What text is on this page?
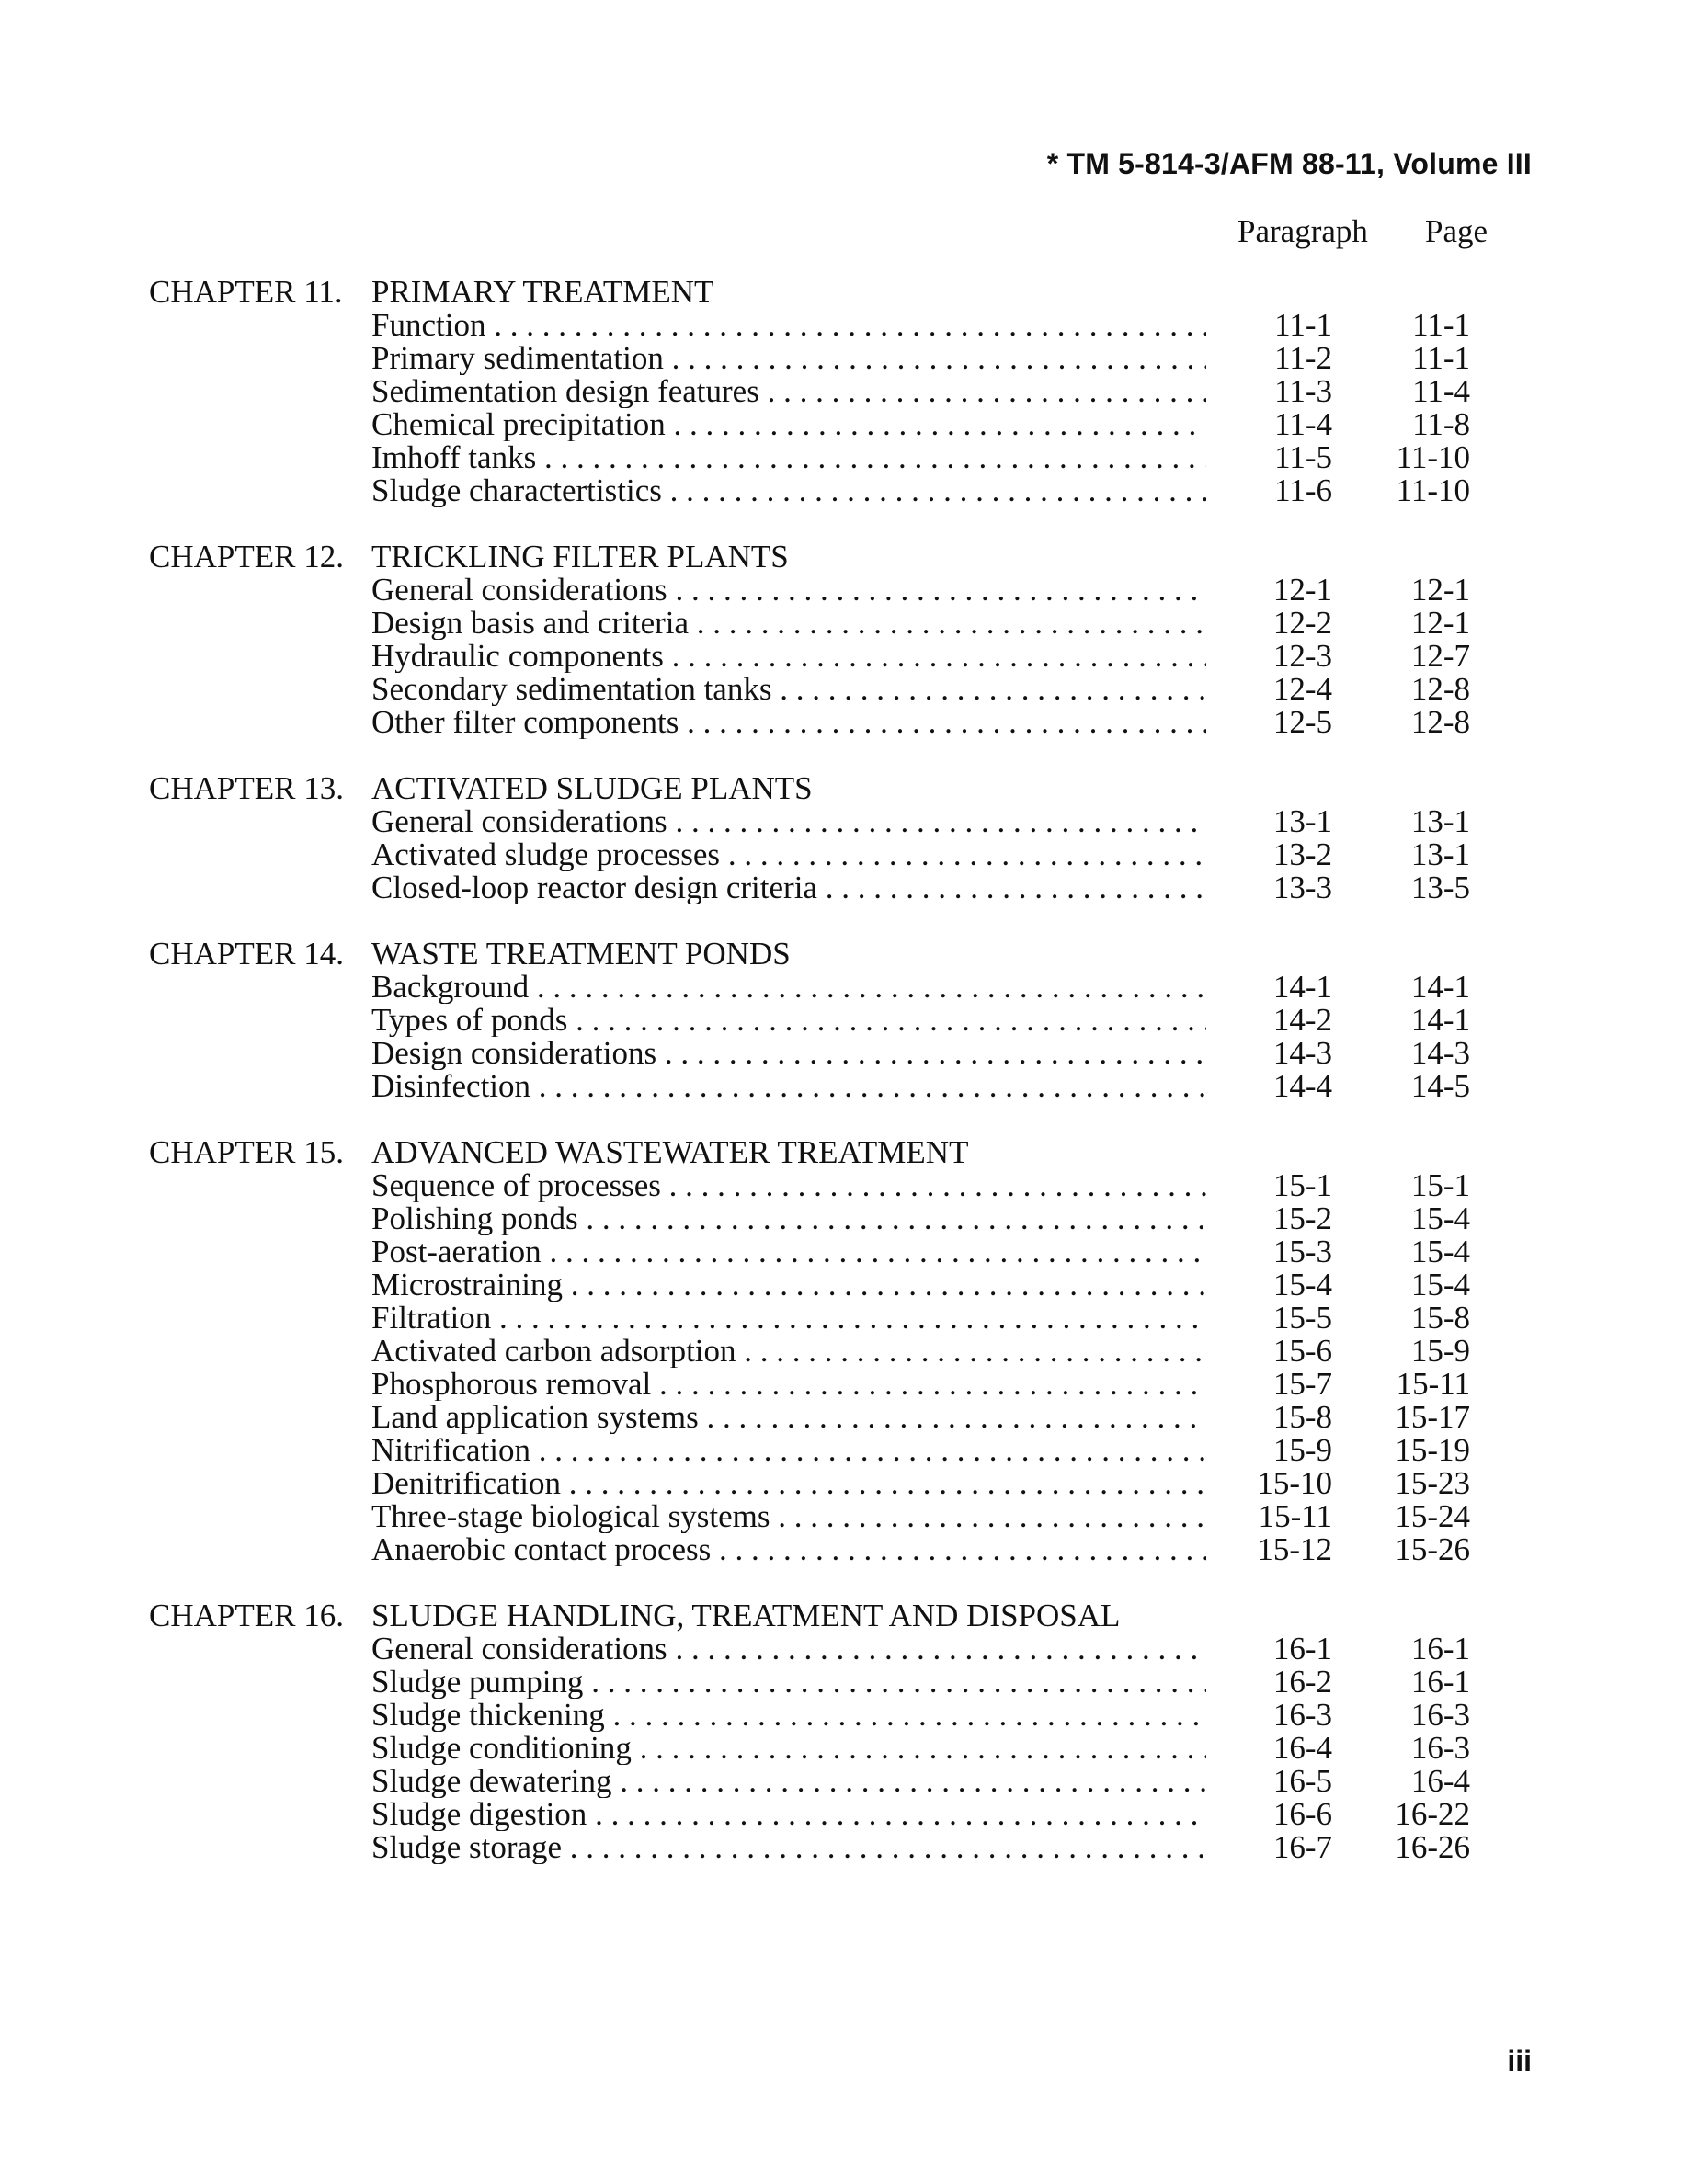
* TM 5-814-3/AFM 88-11, Volume III
Paragraph Page
CHAPTER 11. PRIMARY TREATMENT
Function . . .	11-1 11-1
Primary sedimentation . . .	11-2 11-1
Sedimentation design features . . .	11-3 11-4
Chemical precipitation . . .	11-4 11-8
Imhoff tanks . . .	11-5 11-10
Sludge charactertistics . . .	11-6 11-10
CHAPTER 12. TRICKLING FILTER PLANTS
General considerations . . .	12-1 12-1
Design basis and criteria . . .	12-2 12-1
Hydraulic components . . .	12-3 12-7
Secondary sedimentation tanks . . .	12-4 12-8
Other filter components . . .	12-5 12-8
CHAPTER 13. ACTIVATED SLUDGE PLANTS
General considerations . . .	13-1 13-1
Activated sludge processes . . .	13-2 13-1
Closed-loop reactor design criteria . . .	13-3 13-5
CHAPTER 14. WASTE TREATMENT PONDS
Background . . .	14-1 14-1
Types of ponds . . .	14-2 14-1
Design considerations . . .	14-3 14-3
Disinfection . . .	14-4 14-5
CHAPTER 15. ADVANCED WASTEWATER TREATMENT
Sequence of processes . . .	15-1 15-1
Polishing ponds . . .	15-2 15-4
Post-aeration . . .	15-3 15-4
Microstraining . . .	15-4 15-4
Filtration . . .	15-5 15-8
Activated carbon adsorption . . .	15-6 15-9
Phosphorous removal . . .	15-7 15-11
Land application systems . . .	15-8 15-17
Nitrification . . .	15-9 15-19
Denitrification . . .	15-10 15-23
Three-stage biological systems . . .	15-11 15-24
Anaerobic contact process . . .	15-12 15-26
CHAPTER 16. SLUDGE HANDLING, TREATMENT AND DISPOSAL
General considerations . . .	16-1 16-1
Sludge pumping . . .	16-2 16-1
Sludge thickening . . .	16-3 16-3
Sludge conditioning . . .	16-4 16-3
Sludge dewatering . . .	16-5 16-4
Sludge digestion . . .	16-6 16-22
Sludge storage . . .	16-7 16-26
iii
